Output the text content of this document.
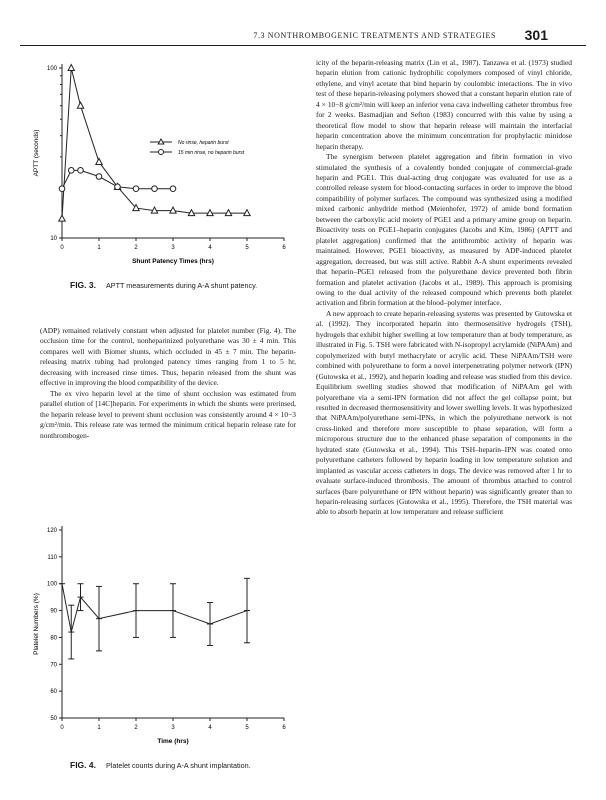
7.3 NONTHROMBOGENIC TREATMENTS AND STRATEGIES 301
0	1	2	3	4	5	6
10
100
Shunt Patency Times (hrs)
APTT (seconds)	No rinse, heparin burst
15 min rinse, no heparin burst
FIG. 3. APTT measurements during A-A shunt patency.

(ADP) remained relatively constant when adjusted for platelet number (Fig. 4). The occlusion time for the control, nonheparinized polyurethane was 30 ± 4 min. This compares well with Biomer shunts, which occluded in 45 ± 7 min. The heparin-releasing matrix tubing had prolonged patency times ranging from 1 to 5 hr, decreasing with increased rinse times. Thus, heparin released from the shunt was effective in improving the blood compatibility of the device.

The ex vivo heparin level at the time of shunt occlusion was estimated from parallel elution of [14C]heparin. For experiments in which the shunts were prerinsed, the heparin release level to prevent shunt occlusion was consistently around 4 × 10−3 g/cm²/min. This release rate was termed the minimum critical heparin release rate for nonthrombogen-

0	1	2	3	4	5	6
50
60
70
80
90
100
110
120
Time (hrs)
Platelet Numbers (%)
FIG. 4. Platelet counts during A-A shunt implantation.

icity of the heparin-releasing matrix (Lin et al., 1987). Tanzawa et al. (1973) studied heparin elution from cationic hydrophilic copolymers composed of vinyl chloride, ethylene, and vinyl acetate that bind heparin by coulombic interactions. The in vivo test of these heparin-releasing polymers showed that a constant heparin elution rate of 4 × 10−8 g/cm²/min will keep an inferior vena cava indwelling catheter thrombus free for 2 weeks. Basmadjian and Sefton (1983) concurred with this value by using a theoretical flow model to show that heparin release will maintain the interfacial heparin concentration above the minimum concentration for prophylactic minidose heparin therapy.

The synergism between platelet aggregation and fibrin formation in vivo stimulated the synthesis of a covalently bonded conjugate of commercial-grade heparin and PGE1. This dual-acting drug conjugate was evaluated for use as a controlled release system for blood-contacting surfaces in order to improve the blood compatibility of polymer surfaces. The compound was synthesized using a modified mixed carbonic anhydride method (Meienhofer, 1972) of amide bond formation between the carboxylic acid moiety of PGE1 and a primary amine group on heparin. Bioactivity tests on PGE1–heparin conjugates (Jacobs and Kim, 1986) (APTT and platelet aggregation) confirmed that the antithrombic activity of heparin was maintained. However, PGE1 bioactivity, as measured by ADP-induced platelet aggregation, decreased, but was still active. Rabbit A-A shunt experiments revealed that heparin–PGE1 released from the polyurethane device prevented both fibrin formation and platelet activation (Jacobs et al., 1989). This approach is promising owing to the dual activity of the released compound which prevents both platelet activation and fibrin formation at the blood–polymer interface.

A new approach to create heparin-releasing systems was presented by Gutowska et al. (1992). They incorporated heparin into thermosensitive hydrogels (TSH), hydrogels that exhibit higher swelling at low temperature than at body temperature, as illustrated in Fig. 5. TSH were fabricated with N-isopropyl acrylamide (NiPAAm) and copolymerized with butyl methacrylate or acrylic acid. These NiPAAm/TSH were combined with polyurethane to form a novel interpenetrating polymer network (IPN) (Gutowska et al., 1992), and heparin loading and release was studied from this device. Equilibrium swelling studies showed that modification of NiPAAm gel with polyurethane via a semi-IPN formation did not affect the gel collapse point, but resulted in decreased thermosensitivity and lower swelling levels. It was hypothesized that NiPAAm/polyurethane semi-IPNs, in which the polyurethane network is not cross-linked and therefore more susceptible to phase separation, will form a microporous structure due to the enhanced phase separation of components in the hydrated state (Gutowska et al., 1994). This TSH–heparin–IPN was coated onto polyurethane catheters followed by heparin loading in low temperature solution and implanted as vascular access catheters in dogs. The device was removed after 1 hr to evaluate surface-induced thrombosis. The amount of thrombus attached to control surfaces (bare polyurethane or IPN without heparin) was significantly greater than to heparin-releasing surfaces (Gutowska et al., 1995). Therefore, the TSH material was able to absorb heparin at low temperature and release sufficient
